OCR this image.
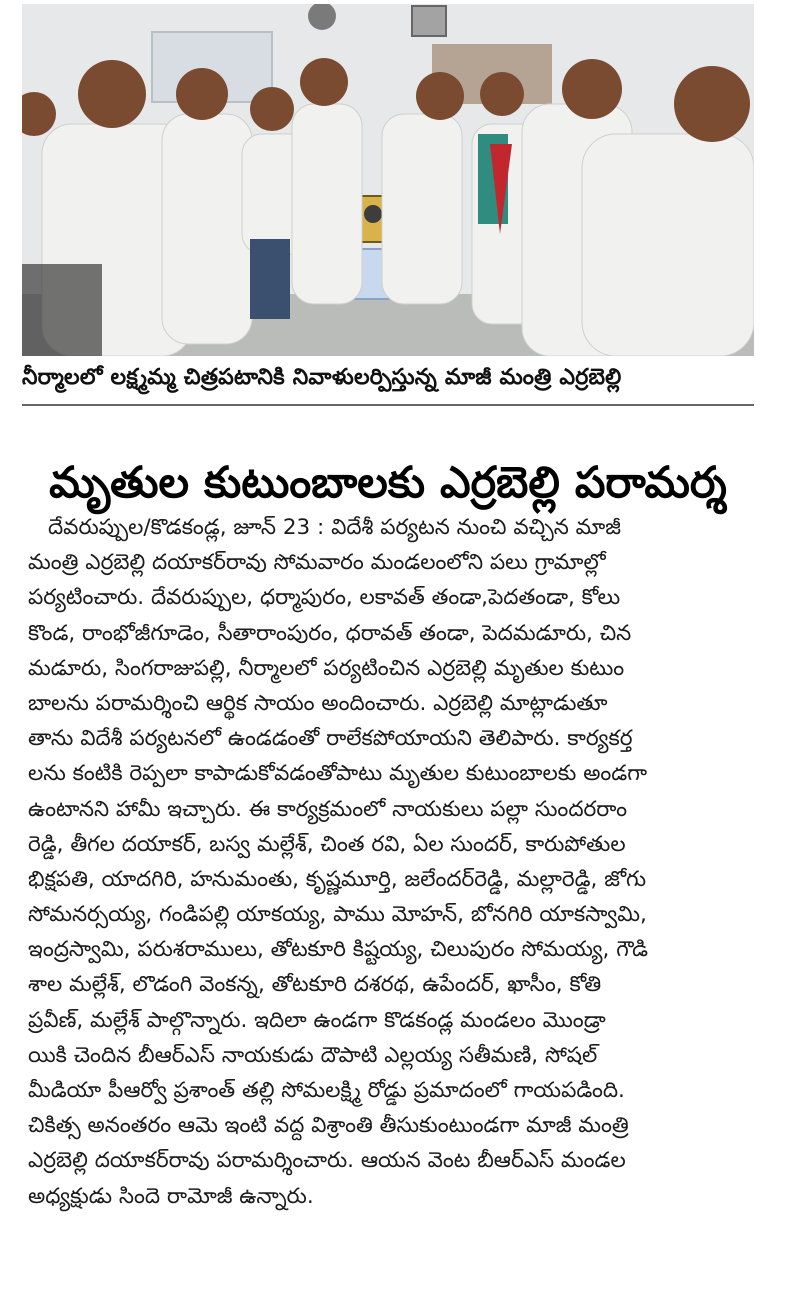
నీర్మాలలో లక్ష్మమ్మ చిత్రపటానికి నివాళులర్పిస్తున్న మాజీ మంత్రి ఎర్రబెల్లి
మృతుల కుటుంబాలకు ఎర్రబెల్లి పరామర్శ
దేవరుప్పుల/కొడకండ్ల, జూన్ 23 : విదేశీ పర్యటన నుంచి వచ్చిన మాజీ
మంత్రి ఎర్రబెల్లి దయాకర్‌రావు సోమవారం మండలంలోని పలు గ్రామాల్లో
పర్యటించారు. దేవరుప్పుల, ధర్మాపురం, లకావత్ తండా,పెదతండా, కోలు
కొండ, రాంభోజీగూడెం, సీతారాంపురం, ధరావత్ తండా, పెదమడూరు, చిన
మడూరు, సింగరాజుపల్లి, నీర్మాలలో పర్యటించిన ఎర్రబెల్లి మృతుల కుటుం
బాలను పరామర్శించి ఆర్థిక సాయం అందించారు. ఎర్రబెల్లి మాట్లాడుతూ
తాను విదేశీ పర్యటనలో ఉండడంతో రాలేకపోయాయని తెలిపారు. కార్యకర్త
లను కంటికి రెప్పలా కాపాడుకోవడంతోపాటు మృతుల కుటుంబాలకు అండగా
ఉంటానని హామీ ఇచ్చారు. ఈ కార్యక్రమంలో నాయకులు పల్లా సుందరరాం
రెడ్డి, తీగల దయాకర్, బస్వ మల్లేశ్, చింత రవి, ఏల సుందర్, కారుపోతుల
భిక్షపతి, యాదగిరి, హనుమంతు, కృష్ణమూర్తి, జలేందర్‌రెడ్డి, మల్లారెడ్డి, జోగు
సోమనర్సయ్య, గండిపల్లి యాకయ్య, పాము మోహన్, బోనగిరి యాకస్వామి,
ఇంద్రస్వామి, పరుశరాములు, తోటకూరి కిష్టయ్య, చిలుపురం సోమయ్య, గౌడి
శాల మల్లేశ్, లొడంగి వెంకన్న, తోటకూరి దశరథ, ఉపేందర్, ఖాసీం, కోతి
ప్రవీణ్, మల్లేశ్ పాల్గొన్నారు. ఇదిలా ఉండగా కొడకండ్ల మండలం మొండ్రా
యికి చెందిన బీఆర్‌ఎస్ నాయకుడు దౌపాటి ఎల్లయ్య సతీమణి, సోషల్
మీడియా పీఆర్వో ప్రశాంత్ తల్లి సోమలక్ష్మి రోడ్డు ప్రమాదంలో గాయపడింది.
చికిత్స అనంతరం ఆమె ఇంటి వద్ద విశ్రాంతి తీసుకుంటుండగా మాజీ మంత్రి
ఎర్రబెల్లి దయాకర్‌రావు పరామర్శించారు. ఆయన వెంట బీఆర్‌ఎస్ మండల
అధ్యక్షుడు సిందె రామోజీ ఉన్నారు.
